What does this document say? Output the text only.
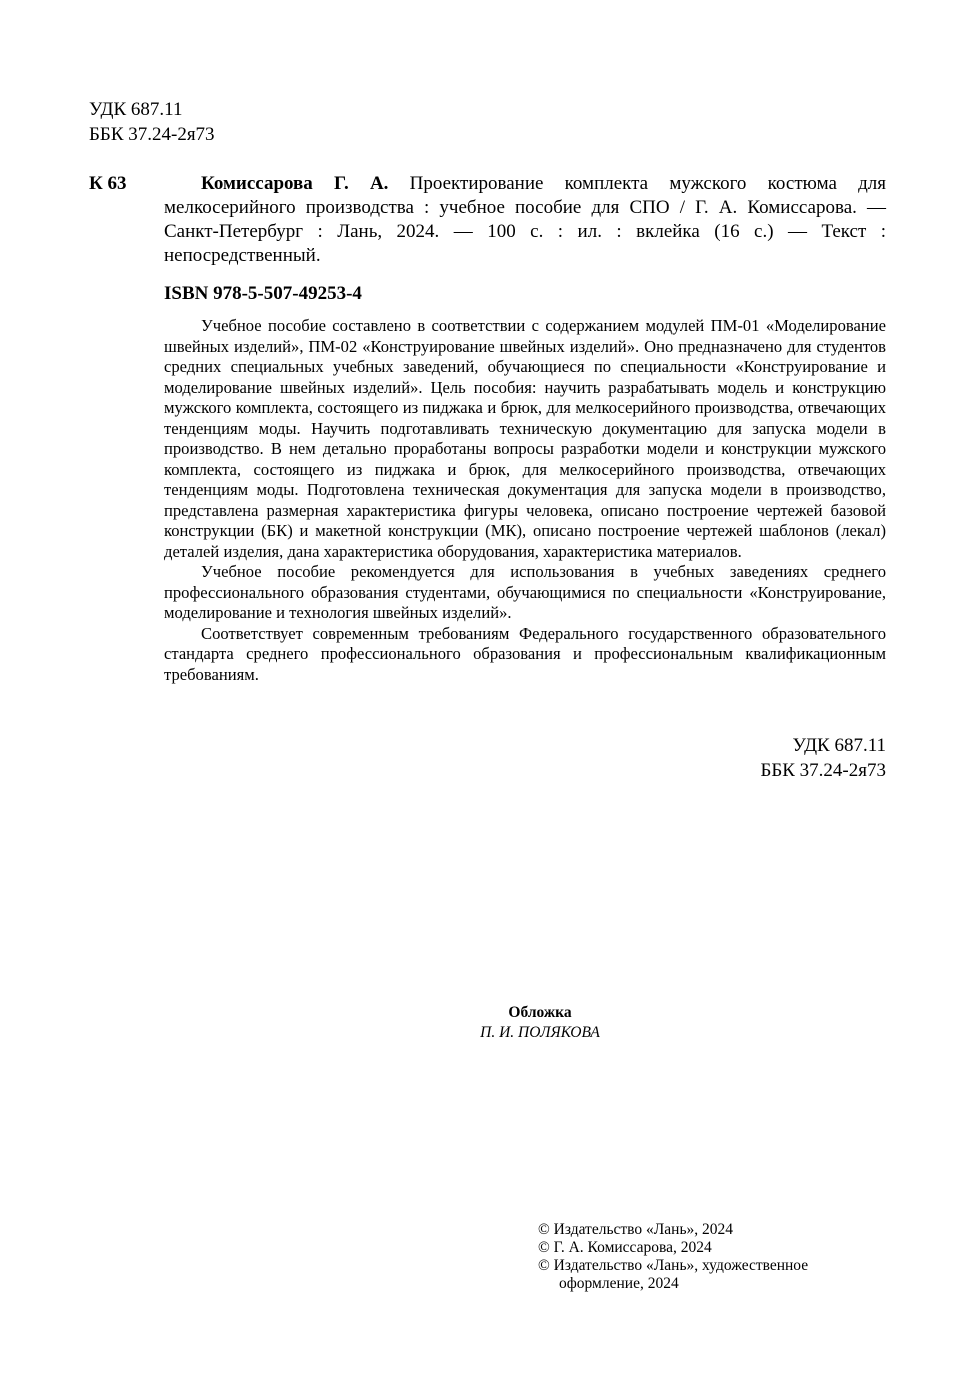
УДК 687.11
ББК 37.24-2я73
К 63	Комиссарова Г. А. Проектирование комплекта мужского костюма для мелкосерийного производства : учебное пособие для СПО / Г. А. Комиссарова. — Санкт-Петербург : Лань, 2024. — 100 с. : ил. : вклейка (16 с.) — Текст : непосредственный.

ISBN 978-5-507-49253-4

Учебное пособие составлено в соответствии с содержанием модулей ПМ-01 «Моделирование швейных изделий», ПМ-02 «Конструирование швейных изделий». Оно предназначено для студентов средних специальных учебных заведений, обучающиеся по специальности «Конструирование и моделирование швейных изделий». Цель пособия: научить разрабатывать модель и конструкцию мужского комплекта, состоящего из пиджака и брюк, для мелкосерийного производства, отвечающих тенденциям моды. Научить подготавливать техническую документацию для запуска модели в производство. В нем детально проработаны вопросы разработки модели и конструкции мужского комплекта, состоящего из пиджака и брюк, для мелкосерийного производства, отвечающих тенденциям моды. Подготовлена техническая документация для запуска модели в производство, представлена размерная характеристика фигуры человека, описано построение чертежей базовой конструкции (БК) и макетной конструкции (МК), описано построение чертежей шаблонов (лекал) деталей изделия, дана характеристика оборудования, характеристика материалов.

Учебное пособие рекомендуется для использования в учебных заведениях среднего профессионального образования студентами, обучающимися по специальности «Конструирование, моделирование и технология швейных изделий».

Соответствует современным требованиям Федерального государственного образовательного стандарта среднего профессионального образования и профессиональным квалификационным требованиям.

УДК 687.11
ББК 37.24-2я73
Обложка
П. И. ПОЛЯКОВА
© Издательство «Лань», 2024
© Г. А. Комиссарова, 2024
© Издательство «Лань», художественное
оформление, 2024
